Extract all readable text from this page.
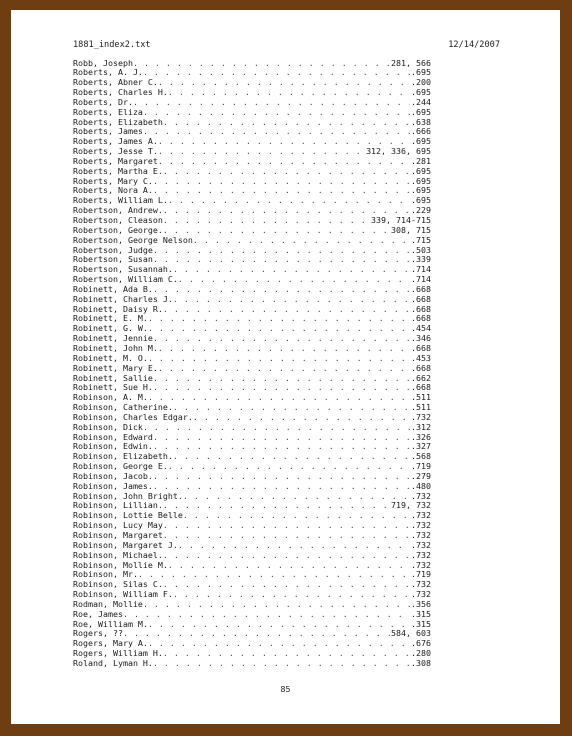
1881_index2.txt	12/14/2007
Robb, Joseph . . .	281, 566
Roberts, A. J. . . .	.695
Roberts, Abner C. . . .	.200
Roberts, Charles H. . . .	.695
Roberts, Dr. . . .	.244
Roberts, Eliza . . .	.695
Roberts, Elizabeth . . .	.638
Roberts, James . . .	.666
Roberts, James A. . . .	.695
Roberts, Jesse T. . . .	312, 336, 695
Roberts, Margaret . . .	.281
Roberts, Martha E. . . .	.695
Roberts, Mary C. . . .	.695
Roberts, Nora A. . . .	.695
Roberts, William L. . . .	.695
Robertson, Andrew. . . .	.229
Robertson, Cleason . . .	339, 714-715
Robertson, George. . . .	308, 715
Robertson, George Nelson . . .	.715
Robertson, Judge . . .	.503
Robertson, Susan . . .	.339
Robertson, Susannah. . . .	.714
Robertson, William C. . . .	.714
Robinett, Ada B. . . .	.668
Robinett, Charles J. . . .	.668
Robinett, Daisy R. . . .	.668
Robinett, E. M. . . .	.668
Robinett, G. W. . . .	.454
Robinett, Jennie . . .	.346
Robinett, John M. . . .	.668
Robinett, M. O. . . .	.453
Robinett, Mary E. . . .	.668
Robinett, Sallie . . .	.662
Robinett, Sue H. . . .	.668
Robinson, A. M. . . .	.511
Robinson, Catherine. . . .	.511
Robinson, Charles Edgar. . . .	.732
Robinson, Dick . . .	.312
Robinson, Edward . . .	.326
Robinson, Edwin. . . .	.327
Robinson, Elizabeth. . . .	.568
Robinson, George E. . . .	.719
Robinson, Jacob. . . .	.279
Robinson, James. . . .	.480
Robinson, John Bright. . . .	.732
Robinson, Lillian. . . .	719, 732
Robinson, Lottie Belle . . .	.732
Robinson, Lucy May . . .	.732
Robinson, Margaret . . .	.732
Robinson, Margaret J. . . .	.732
Robinson, Michael. . . .	.732
Robinson, Mollie M. . . .	.732
Robinson, Mr. . . .	.719
Robinson, Silas C. . . .	.732
Robinson, William F. . . .	.732
Rodman, Mollie . . .	.356
Roe, James . . .	.315
Roe, William M. . . .	.315
Rogers, ?? . . .	584, 603
Rogers, Mary A. . . .	.676
Rogers, William H. . . .	.280
Roland, Lyman H. . . .	.308
85
